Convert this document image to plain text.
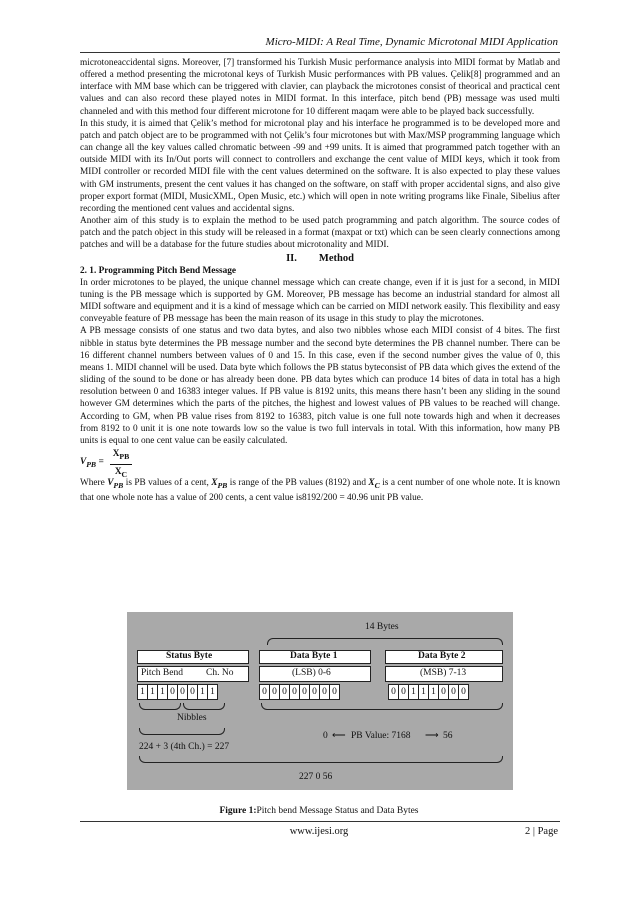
Micro-MIDI: A Real Time, Dynamic Microtonal MIDI Application

microtoneaccidental signs. Moreover, [7] transformed his Turkish Music performance analysis into MIDI format by Matlab and offered a method presenting the microtonal keys of Turkish Music performances with PB values. Çelik[8] programmed and an interface with MM base which can be triggered with clavier, can playback the microtones consist of theorical and practical cent values and can also record these played notes in MIDI format. In this interface, pitch bend (PB) message was used multi channeled and with this method four different microtone for 10 different maqam were able to be played back successfully.

In this study, it is aimed that Çelik’s method for microtonal play and his interface he programmed is to be developed more and patch and patch object are to be programmed with not Çelik’s four microtones but with Max/MSP programming language which can change all the key values called chromatic between -99 and +99 units. It is aimed that programmed patch together with an outside MIDI with its In/Out ports will connect to controllers and exchange the cent value of MIDI keys, which it took from MIDI controller or recorded MIDI file with the cent values determined on the software. It is also expected to play these values with GM instruments, present the cent values it has changed on the software, on staff with proper accidental signs, and also give proper export format (MIDI, MusicXML, Open Music, etc.) which will open in note writing programs like Finale, Sibelius after recording the mentioned cent values and accidental signs.

Another aim of this study is to explain the method to be used patch programming and patch algorithm. The source codes of patch and the patch object in this study will be released in a format (maxpat or txt) which can be seen clearly connections among patches and will be a database for the future studies about microtonality and MIDI.

II. Method

2. 1. Programming Pitch Bend Message

In order microtones to be played, the unique channel message which can create change, even if it is just for a second, in MIDI tuning is the PB message which is supported by GM. Moreover, PB message has become an industrial standard for almost all MIDI software and equipment and it is a kind of message which can be carried on MIDI network easily. This flexibility and easy conveyable feature of PB message has been the main reason of its usage in this study to play the microtones.

A PB message consists of one status and two data bytes, and also two nibbles whose each MIDI consist of 4 bites. The first nibble in status byte determines the PB message number and the second byte determines the PB channel number. There can be 16 different channel numbers between values of 0 and 15. In this case, even if the second number gives the value of 0, this means 1. MIDI channel will be used. Data byte which follows the PB status byteconsist of PB data which gives the extend of the sliding of the sound to be done or has already been done. PB data bytes which can produce 14 bites of data in total has a high resolution between 0 and 16383 integer values. If PB value is 8192 units, this means there hasn’t been any sliding in the sound however GM determines which the parts of the pitches, the highest and lowest values of PB values to be reached will change. According to GM, when PB value rises from 8192 to 16383, pitch value is one full note towards high and when it decreases from 8192 to 0 unit it is one note towards low so the value is two full intervals in total. With this information, how many PB units is equal to one cent value can be easily calculated.

$V_{PB}$ =
$X_{PB}$
$X_C$

Where $V_{PB}$ is PB values of a cent, $X_{PB}$ is range of the PB values (8192) and $X_C$ is a cent number of one whole note. It is known that one whole note has a value of 200 cents, a cent value is8192/200 = 40.96 unit PB value.

14 Bytes
Status Byte
Pitch Bend Ch. No
1 1 1 0 0 0 1 1
Data Byte 1
(LSB) 0-6
0 0 0 0 0 0 0 0
Data Byte 2
(MSB) 7-13
0 0 1 1 1 0 0 0
Nibbles
0 ⟵ PB Value: 7168 ⟶ 56
224 + 3 (4th Ch.) = 227
227 0 56
Figure 1:Pitch bend Message Status and Data Bytes
www.ijesi.org	2 | Page
